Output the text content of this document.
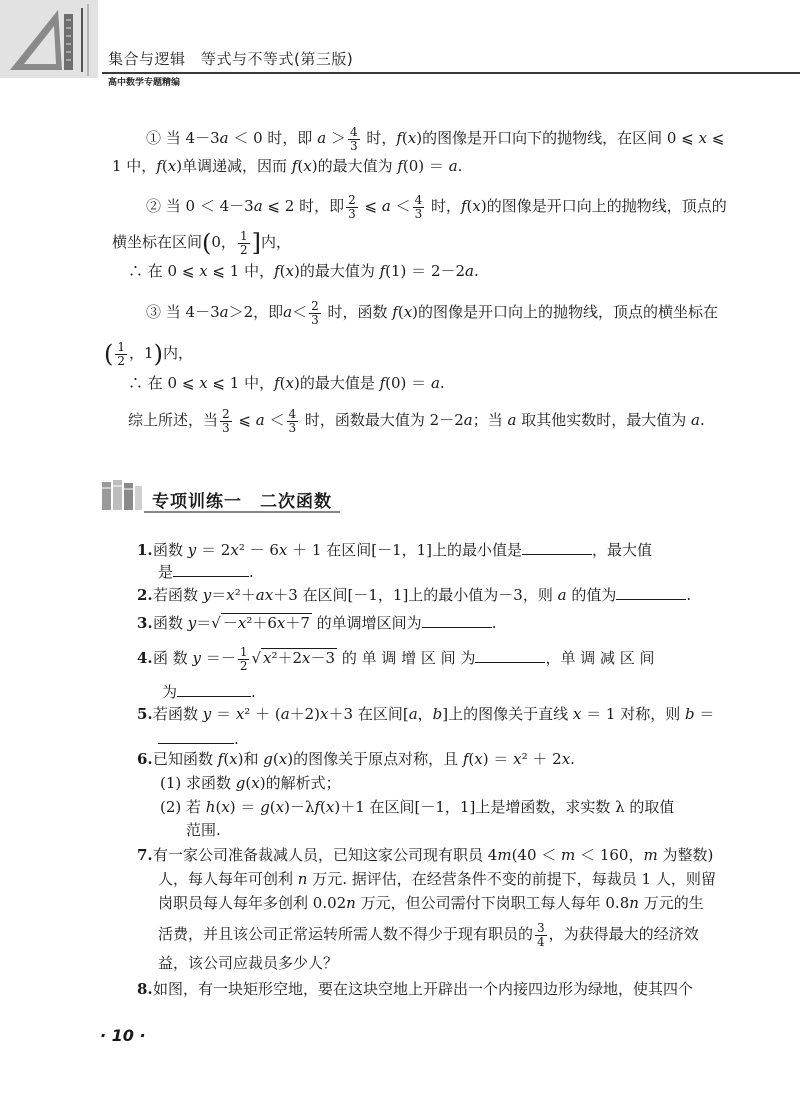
集合与逻辑　等式与不等式(第三版)
高中数学专题精编
① 当 4－3a ＜ 0 时，即 $a > \frac{4}{3}$ 时，f(x)的图像是开口向下的抛物线，在区间 0 ⩽ x ⩽
1 中，f(x)单调递减，因而 f(x)的最大值为 f(0) ＝ a.
② 当 0 ＜ 4－3a ⩽ 2 时，即 $\frac{2}{3}$ ⩽ $a < \frac{4}{3}$ 时，f(x)的图像是开口向上的抛物线，顶点的
横坐标在区间(0， $\frac{1}{2}$ ]内，
∴ 在 0 ⩽ x ⩽ 1 中，f(x)的最大值为 f(1) ＝ 2－2a.
③ 当 4－3a＞2，即$a< \frac{2}{3}$ 时，函数 f(x)的图像是开口向上的抛物线，顶点的横坐标在
( $\frac{1}{2}$ ，1)内，
∴ 在 0 ⩽ x ⩽ 1 中，f(x)的最大值是 f(0) ＝ a.
综上所述，当 $\frac{2}{3}$ ⩽ $a < \frac{4}{3}$ 时，函数最大值为 2－2a；当 a 取其他实数时，最大值为 a.
专项训练一　二次函数
1.函数 y ＝ 2x² － 6x ＋ 1 在区间[－1，1]上的最小值是	，最大值
是	.
2.若函数 y＝x²＋ax＋3 在区间[－1，1]上的最小值为－3，则 a 的值为	.
3.函数 y＝√ －x²＋6x＋7 的单调增区间为	.
4.函 数 $y =- \frac{1}{2}$ √ x²＋2x－3 的 单 调 增 区 间 为	，单 调 减 区 间
为	.
5.若函数 y ＝ x² ＋ (a＋2)x＋3 在区间[a，b]上的图像关于直线 x ＝ 1 对称，则 b ＝
.
6.已知函数 f(x)和 g(x)的图像关于原点对称，且 f(x) ＝ x² ＋ 2x.
(1) 求函数 g(x)的解析式；
(2) 若 h(x) ＝ g(x)－λf(x)＋1 在区间[－1，1]上是增函数，求实数 λ 的取值
范围.
7.有一家公司准备裁减人员，已知这家公司现有职员 4m(40 ＜ m ＜ 160，m 为整数)
人，每人每年可创利 n 万元. 据评估，在经营条件不变的前提下，每裁员 1 人，则留
岗职员每人每年多创利 0.02n 万元，但公司需付下岗职工每人每年 0.8n 万元的生
活费，并且该公司正常运转所需人数不得少于现有职员的 $\frac{3}{4}$ ，为获得最大的经济效
益，该公司应裁员多少人？
8.如图，有一块矩形空地，要在这块空地上开辟出一个内接四边形为绿地，使其四个
· 10 ·
